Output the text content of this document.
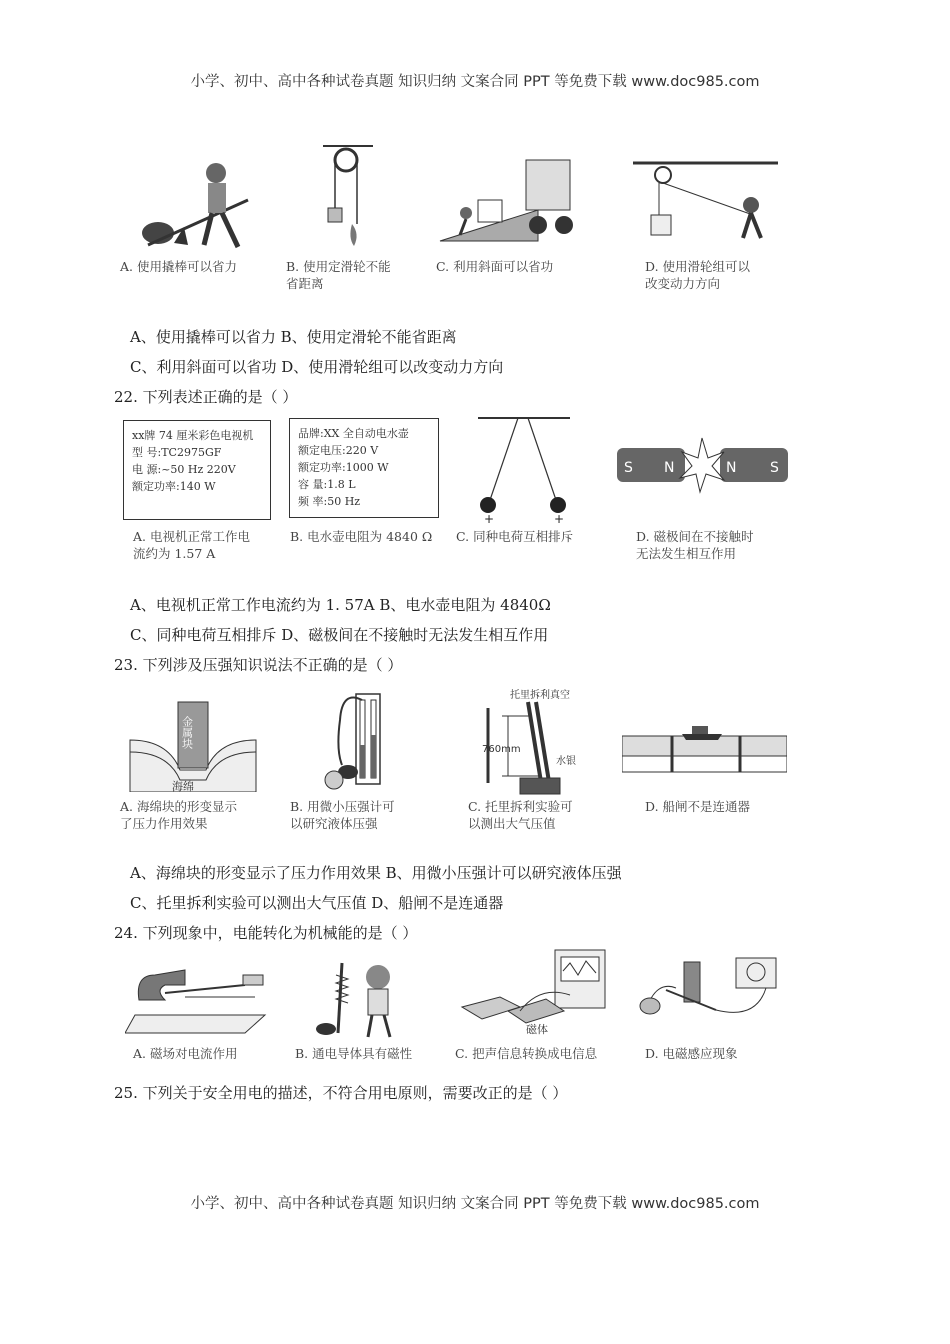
小学、初中、高中各种试卷真题 知识归纳 文案合同 PPT 等免费下载 www.doc985.com
A. 使用撬棒可以省力	B. 使用定滑轮不能
省距离
C. 利用斜面可以省功	D. 使用滑轮组可以
改变动力方向
A、使用撬棒可以省力 B、使用定滑轮不能省距离
C、利用斜面可以省功 D、使用滑轮组可以改变动力方向
22. 下列表述正确的是（ ）
xx牌 74 厘米彩色电视机
型 号:TC2975GF
电 源:~50 Hz 220V
额定功率:140 W
品牌:XX 全自动电水壶
额定电压:220 V
额定功率:1000 W
容 量:1.8 L
频 率:50 Hz
+	+
S N	N S
A. 电视机正常工作电
流约为 1.57 A
B. 电水壶电阻为 4840 Ω C. 同种电荷互相排斥	D. 磁极间在不接触时
无法发生相互作用
A、电视机正常工作电流约为 1. 57A B、电水壶电阻为 4840Ω
C、同种电荷互相排斥 D、磁极间在不接触时无法发生相互作用
23. 下列涉及压强知识说法不正确的是（ ）
金属块
海绵
托里拆利真空
760mm
水银
A. 海绵块的形变显示
了压力作用效果
B. 用微小压强计可
以研究液体压强
C. 托里拆利实验可
以测出大气压值
D. 船闸不是连通器
A、海绵块的形变显示了压力作用效果 B、用微小压强计可以研究液体压强
C、托里拆利实验可以测出大气压值 D、船闸不是连通器
24. 下列现象中，电能转化为机械能的是（ ）
磁体
A. 磁场对电流作用	B. 通电导体具有磁性	C. 把声信息转换成电信息	D. 电磁感应现象
25. 下列关于安全用电的描述，不符合用电原则，需要改正的是（ ）
小学、初中、高中各种试卷真题 知识归纳 文案合同 PPT 等免费下载 www.doc985.com
